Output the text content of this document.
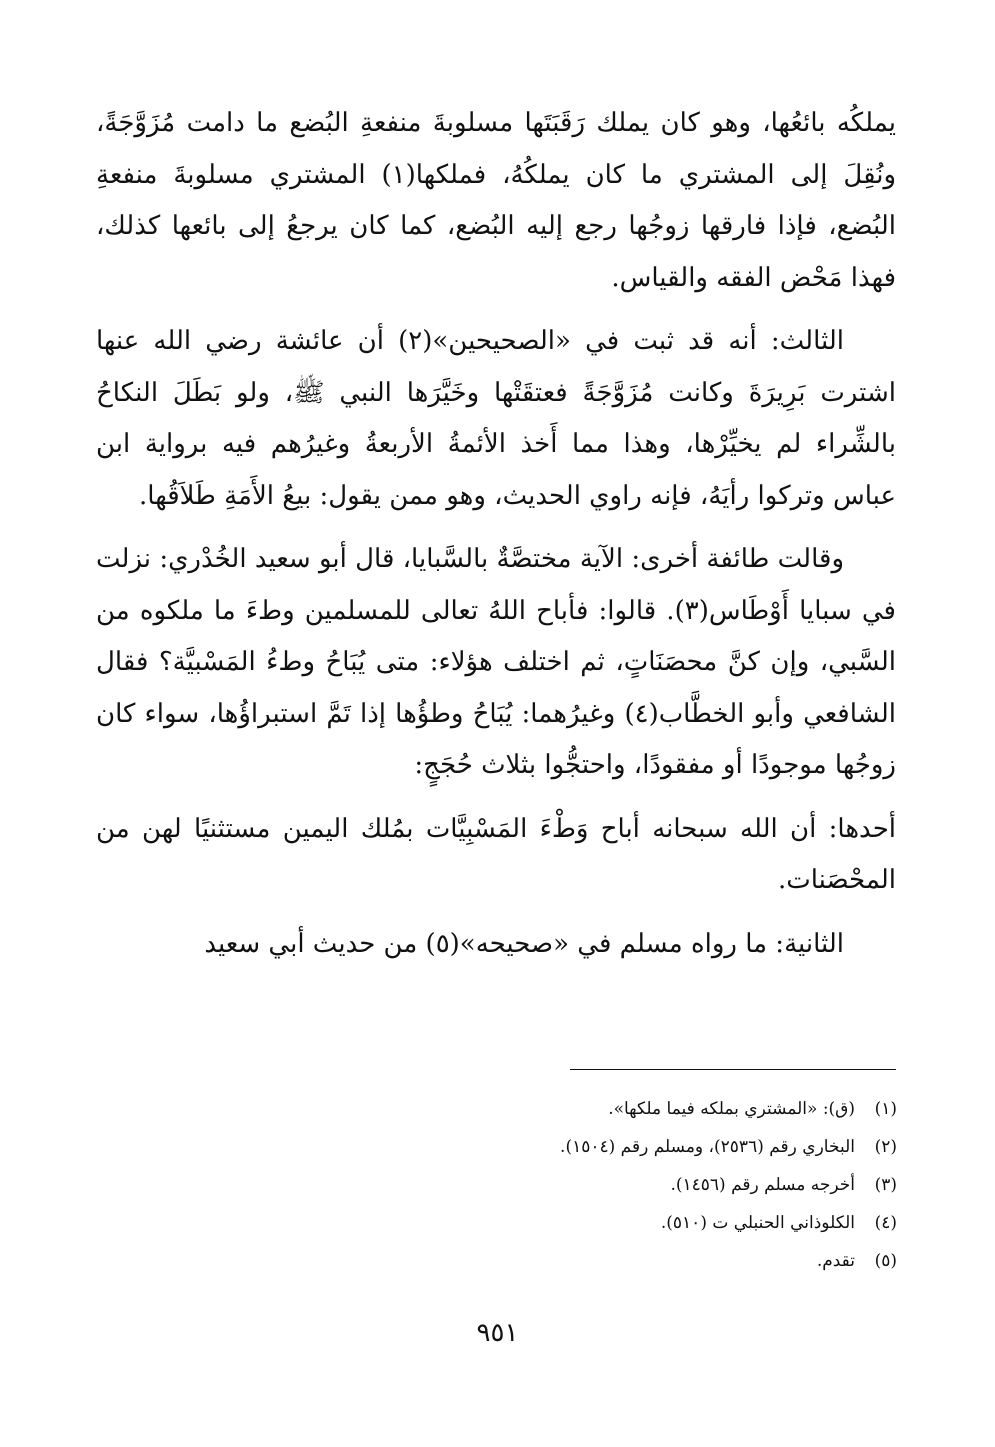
يملكُه بائعُها، وهو كان يملك رَقَبَتَها مسلوبةَ منفعةِ البُضع ما دامت مُزَوَّجَةً، ونُقِلَ إلى المشتري ما كان يملكُهُ، فملكها(١) المشتري مسلوبةَ منفعةِ البُضع، فإذا فارقها زوجُها رجع إليه البُضع، كما كان يرجعُ إلى بائعها كذلك، فهذا مَحْض الفقه والقياس.

الثالث: أنه قد ثبت في «الصحيحين»(٢) أن عائشة رضي الله عنها اشترت بَرِيرَةَ وكانت مُزَوَّجَةً فعتقَتْها وخَيَّرَها النبي ﷺ، ولو بَطَلَ النكاحُ بالشِّراء لم يخيِّرْها، وهذا مما أَخذ الأئمةُ الأربعةُ وغيرُهم فيه برواية ابن عباس وتركوا رأيَهُ، فإنه راوي الحديث، وهو ممن يقول: بيعُ الأَمَةِ طَلاَقُها.

وقالت طائفة أخرى: الآية مختصَّةٌ بالسَّبايا، قال أبو سعيد الخُدْري: نزلت في سبايا أَوْطَاس(٣). قالوا: فأباح اللهُ تعالى للمسلمين وطءَ ما ملكوه من السَّبي، وإن كنَّ محصَنَاتٍ، ثم اختلف هؤلاء: متى يُبَاحُ وطءُ المَسْبيَّة؟ فقال الشافعي وأبو الخطَّاب(٤) وغيرُهما: يُبَاحُ وطؤُها إذا تَمَّ استبراؤُها، سواء كان زوجُها موجودًا أو مفقودًا، واحتجُّوا بثلاث حُجَجٍ:

أحدها: أن الله سبحانه أباح وَطْءَ المَسْبِيَّات بمُلك اليمين مستثنيًا لهن من المحْصَنات.

الثانية: ما رواه مسلم في «صحيحه»(٥) من حديث أبي سعيد

(١)(ق): «المشتري بملكه فيما ملكها».
(٢)البخاري رقم (٢٥٣٦)، ومسلم رقم (١٥٠٤).
(٣)أخرجه مسلم رقم (١٤٥٦).
(٤)الكلوذاني الحنبلي ت (٥١٠).
(٥)تقدم.
٩٥١
